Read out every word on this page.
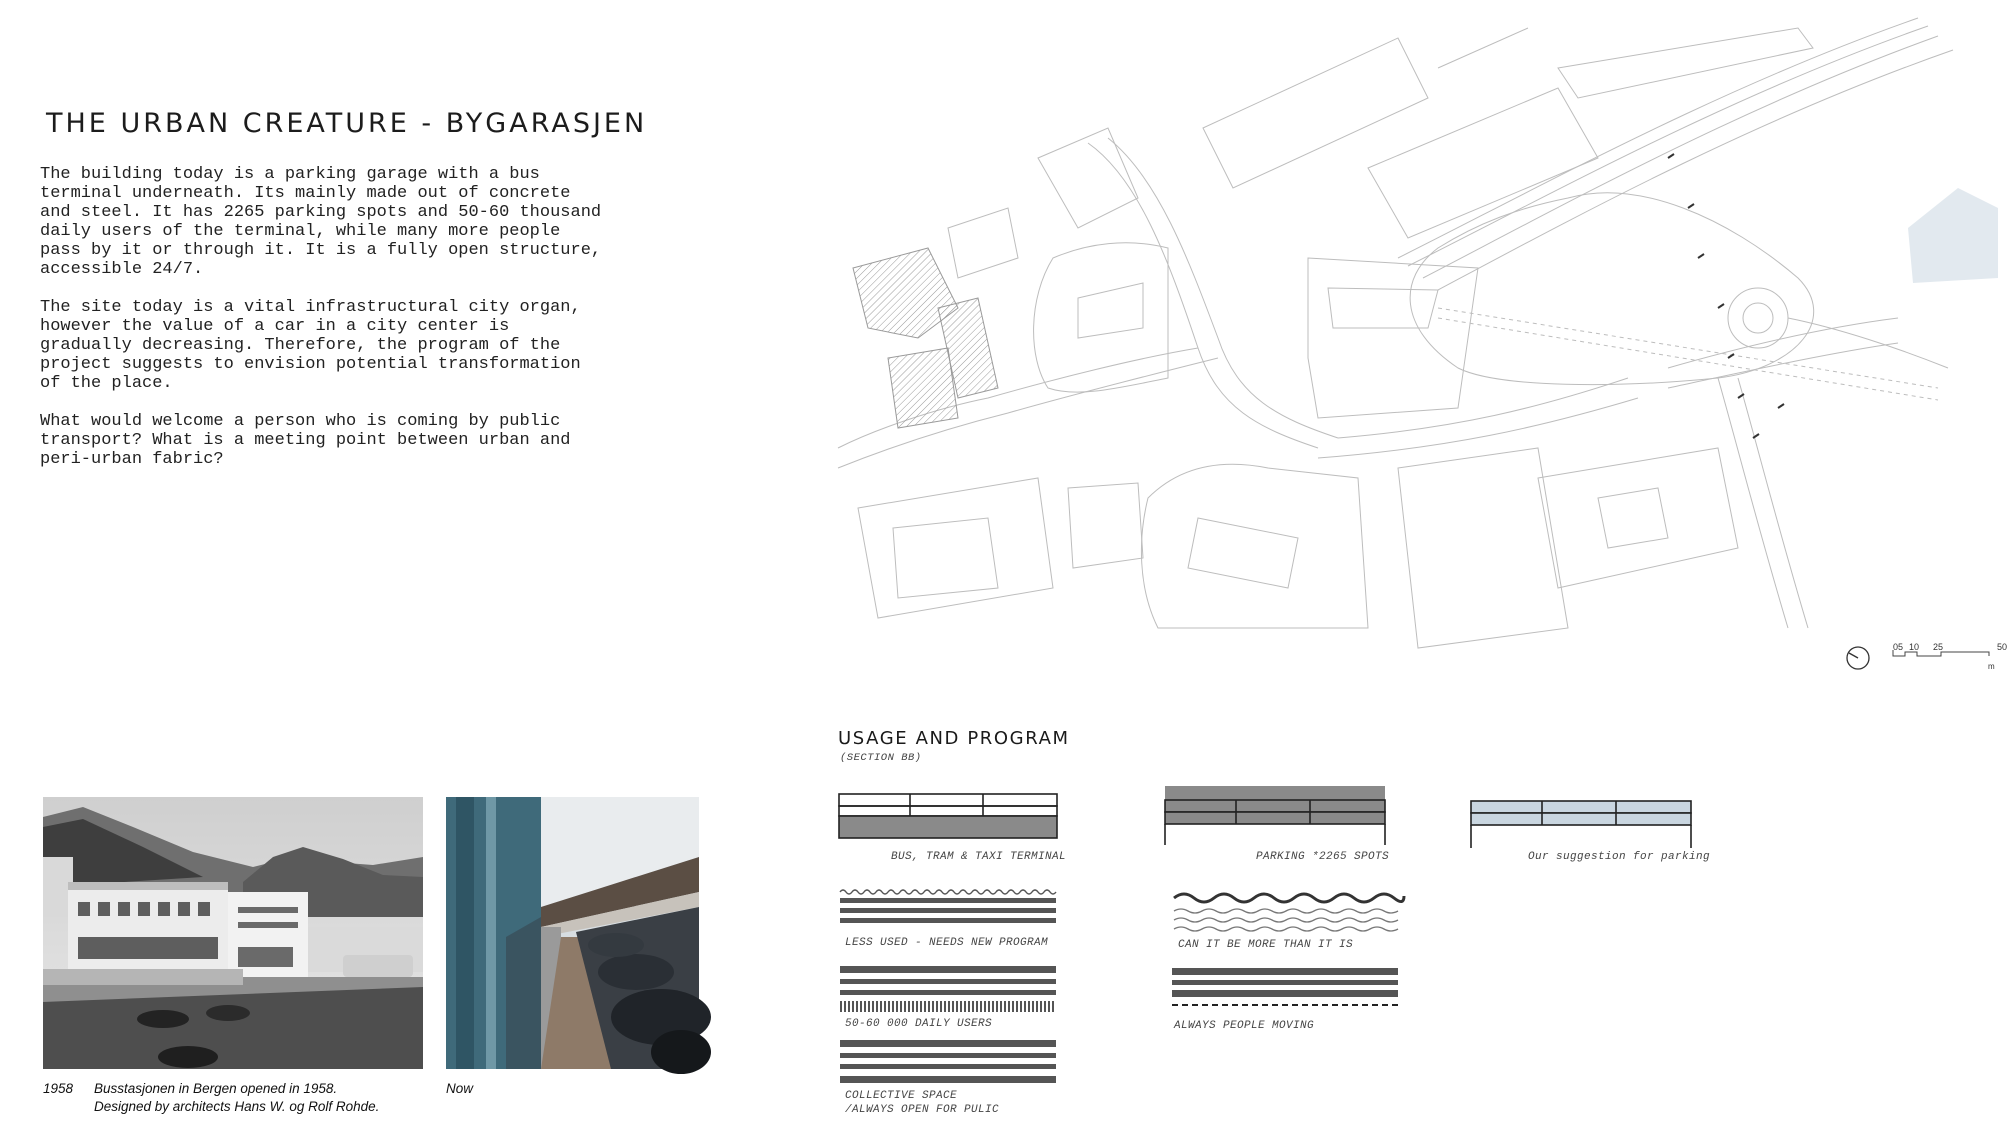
THE URBAN CREATURE - BYGARASJEN

The building today is a parking garage with a bus
terminal underneath. Its mainly made out of concrete
and steel. It has 2265 parking spots and 50-60 thousand
daily users of the terminal, while many more people
pass by it or through it. It is a fully open structure,
accessible 24/7.

The site today is a vital infrastructural city organ,
however the value of a car in a city center is
gradually decreasing. Therefore, the program of the
project suggests to envision potential transformation
of the place.

What would welcome a person who is coming by public
transport? What is a meeting point between urban and
peri-urban fabric?

1958 Busstasjonen in Bergen opened in 1958.
Designed by architects Hans W. og Rolf Rohde.
Now
05 10 25	50
m
USAGE AND PROGRAM
(SECTION BB)
BUS, TRAM & TAXI TERMINAL	PARKING *2265 SPOTS	Our suggestion for parking
LESS USED - NEEDS NEW PROGRAM	CAN IT BE MORE THAN IT IS
50-60 000 DAILY USERS	ALWAYS PEOPLE MOVING
COLLECTIVE SPACE
/ALWAYS OPEN FOR PULIC
